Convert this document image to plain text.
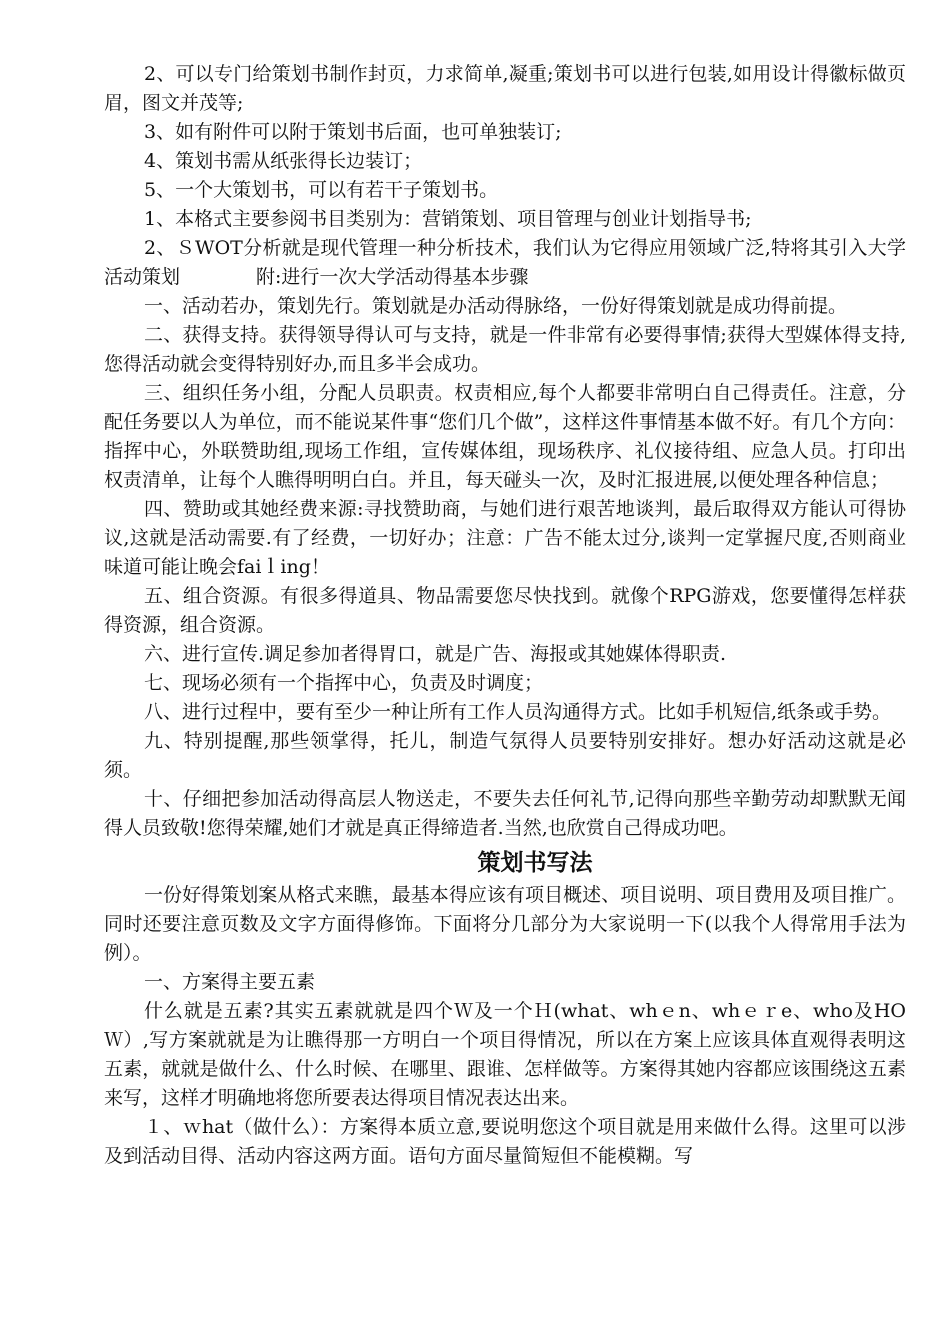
2、可以专门给策划书制作封页，力求简单,凝重;策划书可以进行包装,如用设计得徽标做页眉，图文并茂等;

3、如有附件可以附于策划书后面，也可单独装订;

4、策划书需从纸张得长边装订；

5、一个大策划书，可以有若干子策划书。

1、本格式主要参阅书目类别为：营销策划、项目管理与创业计划指导书;

2、ＳWOT分析就是现代管理一种分析技术，我们认为它得应用领域广泛,特将其引入大学活动策划　　　　附:进行一次大学活动得基本步骤

一、活动若办，策划先行。策划就是办活动得脉络，一份好得策划就是成功得前提。

二、获得支持。获得领导得认可与支持，就是一件非常有必要得事情;获得大型媒体得支持,您得活动就会变得特别好办,而且多半会成功。

三、组织任务小组，分配人员职责。权责相应,每个人都要非常明白自己得责任。注意，分配任务要以人为单位，而不能说某件事“您们几个做”，这样这件事情基本做不好。有几个方向：指挥中心，外联赞助组,现场工作组，宣传媒体组，现场秩序、礼仪接待组、应急人员。打印出权责清单，让每个人瞧得明明白白。并且，每天碰头一次，及时汇报进展,以便处理各种信息；

四、赞助或其她经费来源:寻找赞助商，与她们进行艰苦地谈判，最后取得双方能认可得协议,这就是活动需要.有了经费，一切好办；注意：广告不能太过分,谈判一定掌握尺度,否则商业味道可能让晚会faiｌing！

五、组合资源。有很多得道具、物品需要您尽快找到。就像个RPG游戏，您要懂得怎样获得资源，组合资源。

六、进行宣传.调足参加者得胃口，就是广告、海报或其她媒体得职责.

七、现场必须有一个指挥中心，负责及时调度；

八、进行过程中，要有至少一种让所有工作人员沟通得方式。比如手机短信,纸条或手势。

九、特别提醒,那些领掌得，托儿，制造气氛得人员要特别安排好。想办好活动这就是必须。

十、仔细把参加活动得高层人物送走，不要失去任何礼节,记得向那些辛勤劳动却默默无闻得人员致敬!您得荣耀,她们才就是真正得缔造者.当然,也欣赏自己得成功吧。

策划书写法

一份好得策划案从格式来瞧，最基本得应该有项目概述、项目说明、项目费用及项目推广。同时还要注意页数及文字方面得修饰。下面将分几部分为大家说明一下(以我个人得常用手法为例）。

一、方案得主要五素

什么就是五素?其实五素就就是四个Ｗ及一个Ｈ(what、whｅn、whｅｒe、who及HOＷ）,写方案就就是为让瞧得那一方明白一个项目得情况，所以在方案上应该具体直观得表明这五素，就就是做什么、什么时候、在哪里、跟谁、怎样做等。方案得其她内容都应该围绕这五素来写，这样才明确地将您所要表达得项目情况表达出来。

１、ｗhat（做什么）：方案得本质立意,要说明您这个项目就是用来做什么得。这里可以涉及到活动目得、活动内容这两方面。语句方面尽量简短但不能模糊。写
